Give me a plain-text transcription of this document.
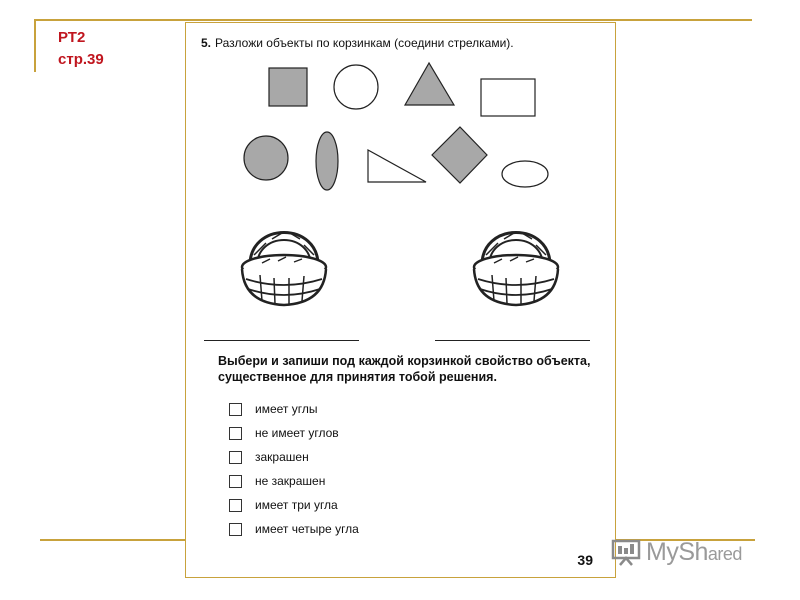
РТ2
стр.39
5. Разложи объекты по корзинкам (соедини стрелками).
Выбери и запиши под каждой корзинкой свойство объекта,
существенное для принятия тобой решения.
имеет углы
не имеет углов
закрашен
не закрашен
имеет три угла
имеет четыре угла
39 MyShared
